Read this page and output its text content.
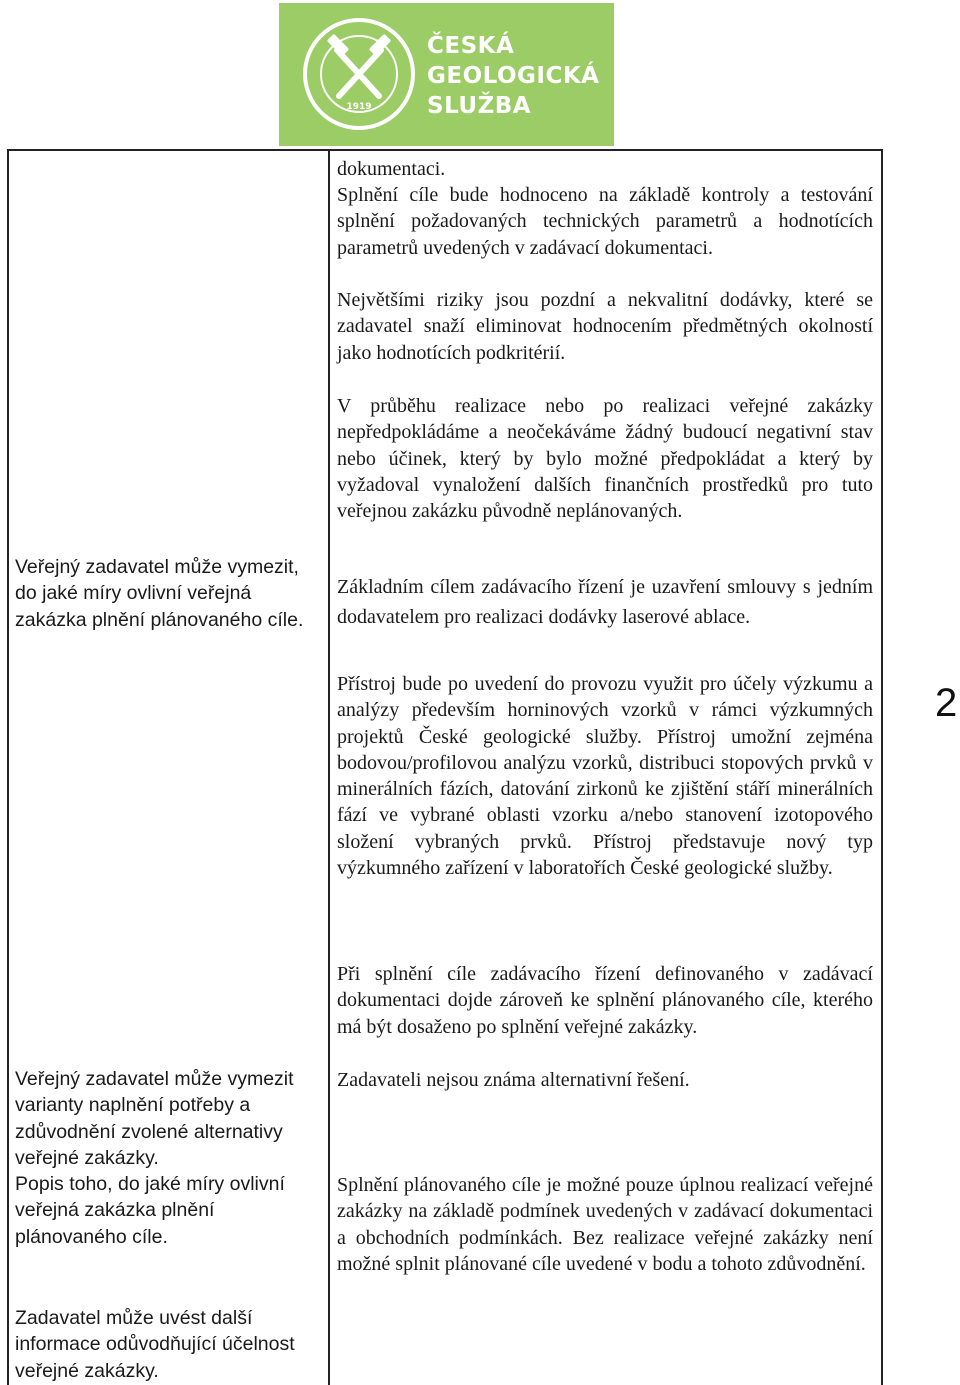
1919
ČESKÁ
GEOLOGICKÁ
SLUŽBA

Veřejný zadavatel může vymezit, do jaké míry ovlivní veřejná zakázka plnění plánovaného cíle.

Veřejný zadavatel může vymezit varianty naplnění potřeby a zdůvodnění zvolené alternativy veřejné zakázky.

Popis toho, do jaké míry ovlivní veřejná zakázka plnění plánovaného cíle.

Zadavatel může uvést další informace odůvodňující účelnost veřejné zakázky.

dokumentaci.

Splnění cíle bude hodnoceno na základě kontroly a testování splnění požadovaných technických parametrů a hodnotících parametrů uvedených v zadávací dokumentaci.

Největšími riziky jsou pozdní a nekvalitní dodávky, které se zadavatel snaží eliminovat hodnocením předmětných okolností jako hodnotících podkritérií.

V průběhu realizace nebo po realizaci veřejné zakázky nepředpokládáme a neočekáváme žádný budoucí negativní stav nebo účinek, který by bylo možné předpokládat a který by vyžadoval vynaložení dalších finančních prostředků pro tuto veřejnou zakázku původně neplánovaných.

Základním cílem zadávacího řízení je uzavření smlouvy s jedním dodavatelem pro realizaci dodávky laserové ablace.

Přístroj bude po uvedení do provozu využit pro účely výzkumu a analýzy především horninových vzorků v rámci výzkumných projektů České geologické služby. Přístroj umožní zejména bodovou/profilovou analýzu vzorků, distribuci stopových prvků v minerálních fázích, datování zirkonů ke zjištění stáří minerálních fází ve vybrané oblasti vzorku a/nebo stanovení izotopového složení vybraných prvků. Přístroj představuje nový typ výzkumného zařízení v laboratořích České geologické služby.

Při splnění cíle zadávacího řízení definovaného v zadávací dokumentaci dojde zároveň ke splnění plánovaného cíle, kterého má být dosaženo po splnění veřejné zakázky.

Zadavateli nejsou známa alternativní řešení.

Splnění plánovaného cíle je možné pouze úplnou realizací veřejné zakázky na základě podmínek uvedených v zadávací dokumentaci a obchodních podmínkách. Bez realizace veřejné zakázky není možné splnit plánované cíle uvedené v bodu a tohoto zdůvodnění.

2
